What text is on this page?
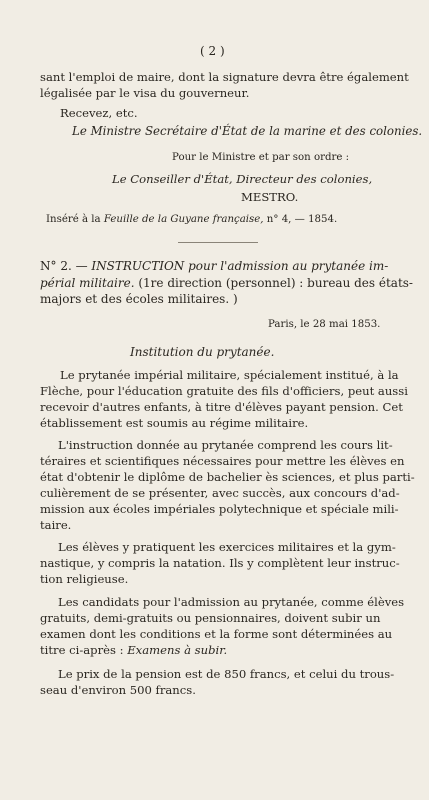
( 2 )
sant l'emploi de maire, dont la signature devra être également
légalisée par le visa du gouverneur.
Recevez, etc.
Le Ministre Secrétaire d'État de la marine et des colonies.
Pour le Ministre et par son ordre :
Le Conseiller d'État, Directeur des colonies,
MESTRO.
Inséré à la Feuille de la Guyane française, n° 4, — 1854.
N° 2. — INSTRUCTION pour l'admission au prytanée im-
périal militaire. (1re direction (personnel) : bureau des états-
majors et des écoles militaires. )
Paris, le 28 mai 1853.
Institution du prytanée.
Le prytanée impérial militaire, spécialement institué, à la
Flèche, pour l'éducation gratuite des fils d'officiers, peut aussi
recevoir d'autres enfants, à titre d'élèves payant pension. Cet
établissement est soumis au régime militaire.
L'instruction donnée au prytanée comprend les cours lit-
téraires et scientifiques nécessaires pour mettre les élèves en
état d'obtenir le diplôme de bachelier ès sciences, et plus parti-
culièrement de se présenter, avec succès, aux concours d'ad-
mission aux écoles impériales polytechnique et spéciale mili-
taire.
Les élèves y pratiquent les exercices militaires et la gym-
nastique, y compris la natation. Ils y complètent leur instruc-
tion religieuse.
Les candidats pour l'admission au prytanée, comme élèves
gratuits, demi-gratuits ou pensionnaires, doivent subir un
examen dont les conditions et la forme sont déterminées au
titre ci-après : Examens à subir.
Le prix de la pension est de 850 francs, et celui du trous-
seau d'environ 500 francs.
